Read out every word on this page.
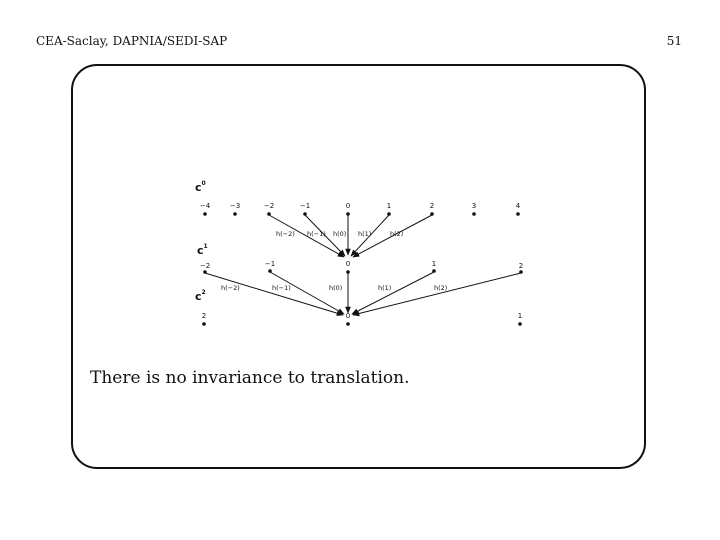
CEA-Saclay, DAPNIA/SEDI-SAP	51
$c^0$
$c^1$
$c^2$
−4	−3	−2	−1	0	1	2	3	4
h(−2) h(−1) h(0) h(1)	h(2)
−2	−1	0	1	2
h(−2)	h(−1)	h(0)	h(1)	h(2)
2	0	1
There is no invariance to translation.
